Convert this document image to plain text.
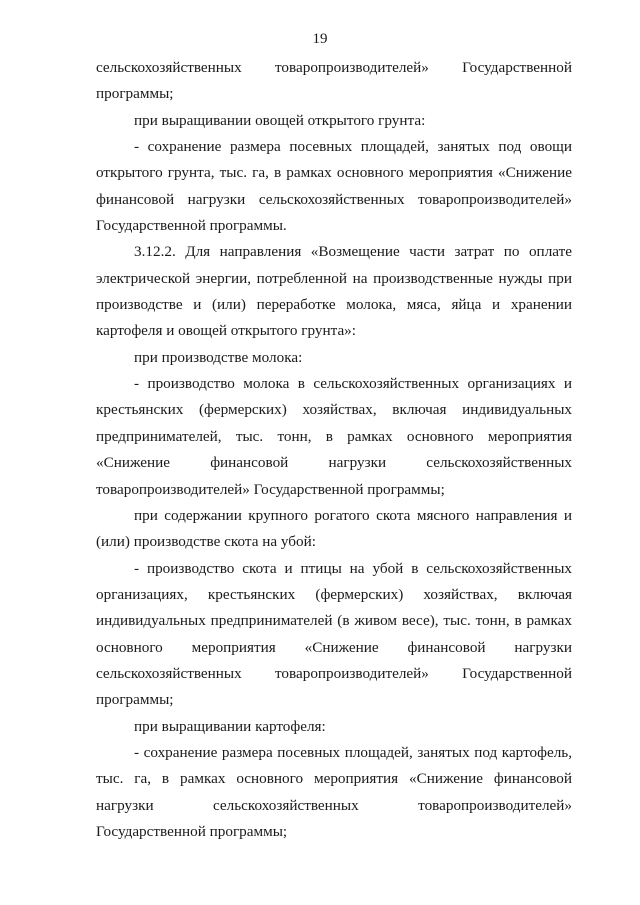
19

сельскохозяйственных товаропроизводителей» Государственной программы;

при выращивании овощей открытого грунта:

- сохранение размера посевных площадей, занятых под овощи открытого грунта, тыс. га, в рамках основного мероприятия «Снижение финансовой нагрузки сельскохозяйственных товаропроизводителей» Государственной программы.

3.12.2. Для направления «Возмещение части затрат по оплате электрической энергии, потребленной на производственные нужды при производстве и (или) переработке молока, мяса, яйца и хранении картофеля и овощей открытого грунта»:

при производстве молока:

- производство молока в сельскохозяйственных организациях и крестьянских (фермерских) хозяйствах, включая индивидуальных предпринимателей, тыс. тонн, в рамках основного мероприятия «Снижение финансовой нагрузки сельскохозяйственных товаропроизводителей» Государственной программы;

при содержании крупного рогатого скота мясного направления и (или) производстве скота на убой:

- производство скота и птицы на убой в сельскохозяйственных организациях, крестьянских (фермерских) хозяйствах, включая индивидуальных предпринимателей (в живом весе), тыс. тонн, в рамках основного мероприятия «Снижение финансовой нагрузки сельскохозяйственных товаропроизводителей» Государственной программы;

при выращивании картофеля:

- сохранение размера посевных площадей, занятых под картофель, тыс. га, в рамках основного мероприятия «Снижение финансовой нагрузки сельскохозяйственных товаропроизводителей» Государственной программы;
